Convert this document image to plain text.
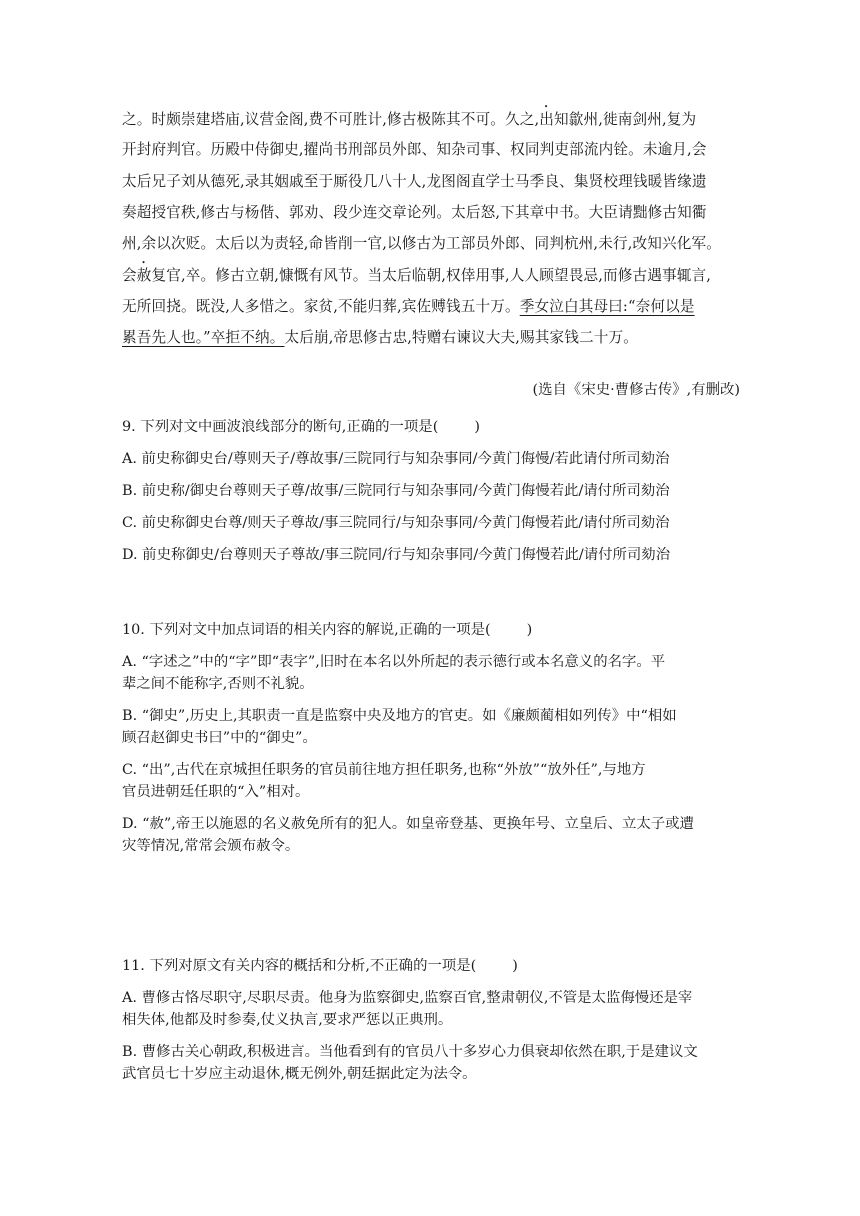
之。时颇崇建塔庙,议营金阁,费不可胜计,修古极陈其不可。久之,出知歙州,徙南剑州,复为
开封府判官。历殿中侍御史,擢尚书刑部员外郎、知杂司事、权同判吏部流内铨。未逾月,会
太后兄子刘从德死,录其姻戚至于厮役几八十人,龙图阁直学士马季良、集贤校理钱暖皆缘遗
奏超授官秩,修古与杨偕、郭劝、段少连交章论列。太后怒,下其章中书。大臣请黜修古知衢
州,余以次贬。太后以为责轻,命皆削一官,以修古为工部员外郎、同判杭州,未行,改知兴化军。
会赦复官,卒。修古立朝,慷慨有风节。当太后临朝,权倖用事,人人顾望畏忌,而修古遇事辄言,
无所回挠。既没,人多惜之。家贫,不能归葬,宾佐赙钱五十万。季女泣白其母曰:“奈何以是
累吾先人也。”卒拒不纳。太后崩,帝思修古忠,特赠右谏议大夫,赐其家钱二十万。
(选自《宋史·曹修古传》,有删改)
9. 下列对文中画波浪线部分的断句,正确的一项是(	)
A. 前史称御史台/尊则天子/尊故事/三院同行与知杂事同/今黄门侮慢/若此请付所司劾治
B. 前史称/御史台尊则天子尊/故事/三院同行与知杂事同/今黄门侮慢若此/请付所司劾治
C. 前史称御史台尊/则天子尊故/事三院同行/与知杂事同/今黄门侮慢若此/请付所司劾治
D. 前史称御史/台尊则天子尊故/事三院同/行与知杂事同/今黄门侮慢若此/请付所司劾治
10. 下列对文中加点词语的相关内容的解说,正确的一项是(	)
A. “字述之”中的“字”即“表字”,旧时在本名以外所起的表示德行或本名意义的名字。平
辈之间不能称字,否则不礼貌。
B. “御史”,历史上,其职责一直是监察中央及地方的官吏。如《廉颇蔺相如列传》中“相如
顾召赵御史书曰”中的“御史”。
C. “出”,古代在京城担任职务的官员前往地方担任职务,也称“外放”“放外任”,与地方
官员进朝廷任职的“入”相对。
D. “赦”,帝王以施恩的名义赦免所有的犯人。如皇帝登基、更换年号、立皇后、立太子或遭
灾等情况,常常会颁布赦令。
11. 下列对原文有关内容的概括和分析,不正确的一项是(	)
A. 曹修古恪尽职守,尽职尽责。他身为监察御史,监察百官,整肃朝仪,不管是太监侮慢还是宰
相失体,他都及时参奏,仗义执言,要求严惩以正典刑。
B. 曹修古关心朝政,积极进言。当他看到有的官员八十多岁心力俱衰却依然在职,于是建议文
武官员七十岁应主动退休,概无例外,朝廷据此定为法令。
